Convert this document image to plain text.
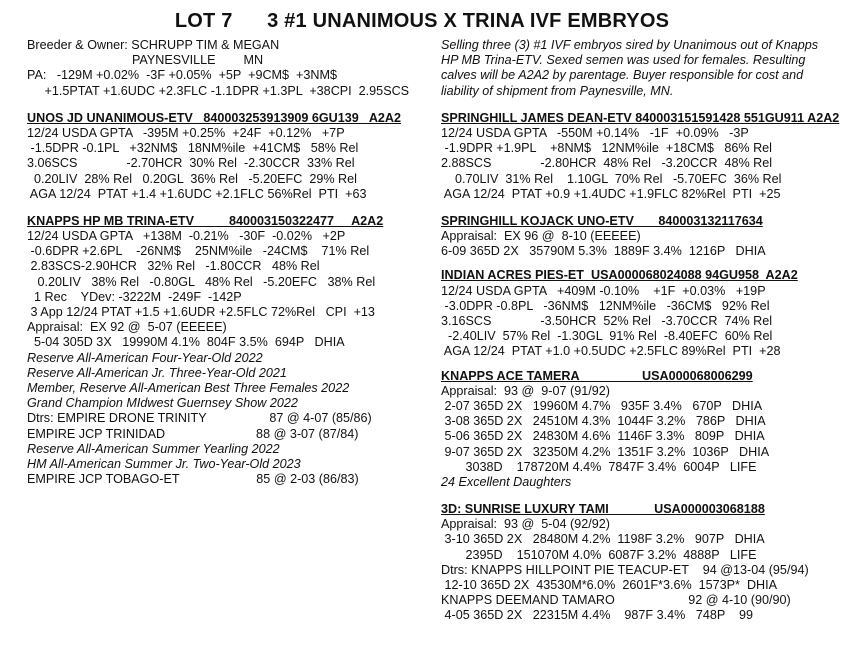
LOT 7      3 #1 UNANIMOUS X TRINA IVF EMBRYOS
Breeder & Owner: SCHRUPP TIM & MEGAN
PAYNESVILLE        MN
PA:   -129M +0.02%  -3F +0.05%  +5P  +9CM$  +3NM$
+1.5PTAT +1.6UDC +2.3FLC -1.1DPR +1.3PL  +38CPI  2.95SCS
UNOS JD UNANIMOUS-ETV   840003253913909 6GU139   A2A2
12/24 USDA GPTA   -395M +0.25%  +24F  +0.12%   +7P
-1.5DPR -0.1PL   +32NM$   18NM%ile  +41CM$   58% Rel
3.06SCS              -2.70HCR  30% Rel  -2.30CCR  33% Rel
0.20LIV  28% Rel   0.20GL  36% Rel   -5.20EFC  29% Rel
AGA 12/24  PTAT +1.4 +1.6UDC +2.1FLC 56%Rel  PTI  +63
KNAPPS HP MB TRINA-ETV          840003150322477     A2A2
12/24 USDA GPTA   +138M  -0.21%   -30F  -0.02%   +2P
-0.6DPR +2.6PL    -26NM$    25NM%ile   -24CM$    71% Rel
2.83SCS-2.90HCR   32% Rel   -1.80CCR   48% Rel
0.20LIV   38% Rel   -0.80GL   48% Rel   -5.20EFC   38% Rel
1 Rec    YDev: -3222M  -249F  -142P
3 App 12/24 PTAT +1.5 +1.6UDR +2.5FLC 72%Rel   CPI  +13
Appraisal:  EX 92 @  5-07 (EEEEE)
5-04 305D 3X   19990M 4.1%  804F 3.5%  694P   DHIA
Reserve All-American Four-Year-Old 2022
Reserve All-American Jr. Three-Year-Old 2021
Member, Reserve All-American Best Three Females 2022
Grand Champion MIdwest Guernsey Show 2022
Dtrs: EMPIRE DRONE TRINITY                  87 @ 4-07 (85/86)
EMPIRE JCP TRINIDAD                          88 @ 3-07 (87/84)
Reserve All-American Summer Yearling 2022
HM All-American Summer Jr. Two-Year-Old 2023
EMPIRE JCP TOBAGO-ET                      85 @ 2-03 (86/83)
Selling three (3) #1 IVF embryos sired by Unanimous out of Knapps
HP MB Trina-ETV. Sexed semen was used for females. Resulting
calves will be A2A2 by parentage. Buyer responsible for cost and
liability of shipment from Paynesville, MN.
SPRINGHILL JAMES DEAN-ETV 840003151591428 551GU911 A2A2
12/24 USDA GPTA   -550M +0.14%   -1F  +0.09%   -3P
-1.9DPR +1.9PL    +8NM$   12NM%ile  +18CM$   86% Rel
2.88SCS              -2.80HCR  48% Rel   -3.20CCR  48% Rel
0.70LIV  31% Rel    1.10GL  70% Rel   -5.70EFC  36% Rel
AGA 12/24  PTAT +0.9 +1.4UDC +1.9FLC 82%Rel  PTI  +25
SPRINGHILL KOJACK UNO-ETV       840003132117634
Appraisal:  EX 96 @  8-10 (EEEEE)
6-09 365D 2X   35790M 5.3%  1889F 3.4%  1216P   DHIA
INDIAN ACRES PIES-ET  USA000068024088 94GU958  A2A2
12/24 USDA GPTA   +409M -0.10%    +1F  +0.03%   +19P
-3.0DPR -0.8PL   -36NM$   12NM%ile   -36CM$   92% Rel
3.16SCS              -3.50HCR  52% Rel   -3.70CCR  74% Rel
-2.40LIV  57% Rel  -1.30GL  91% Rel  -8.40EFC  60% Rel
AGA 12/24  PTAT +1.0 +0.5UDC +2.5FLC 89%Rel  PTI  +28
KNAPPS ACE TAMERA                  USA000068006299
Appraisal:  93 @  9-07 (91/92)
2-07 365D 2X   19960M 4.7%   935F 3.4%   670P   DHIA
3-08 365D 2X   24510M 4.3%  1044F 3.2%   786P   DHIA
5-06 365D 2X   24830M 4.6%  1146F 3.3%   809P   DHIA
9-07 365D 2X   32350M 4.2%  1351F 3.2%  1036P   DHIA
3038D    178720M 4.4%  7847F 3.4%  6004P   LIFE
24 Excellent Daughters
3D: SUNRISE LUXURY TAMI             USA000003068188
Appraisal:  93 @  5-04 (92/92)
3-10 365D 2X   28480M 4.2%  1198F 3.2%   907P   DHIA
2395D    151070M 4.0%  6087F 3.2%  4888P   LIFE
Dtrs: KNAPPS HILLPOINT PIE TEACUP-ET    94 @13-04 (95/94)
12-10 365D 2X  43530M*6.0%  2601F*3.6%  1573P*  DHIA
KNAPPS DEEMAND TAMARO                     92 @ 4-10 (90/90)
4-05 365D 2X   22315M 4.4%    987F 3.4%   748P    99
